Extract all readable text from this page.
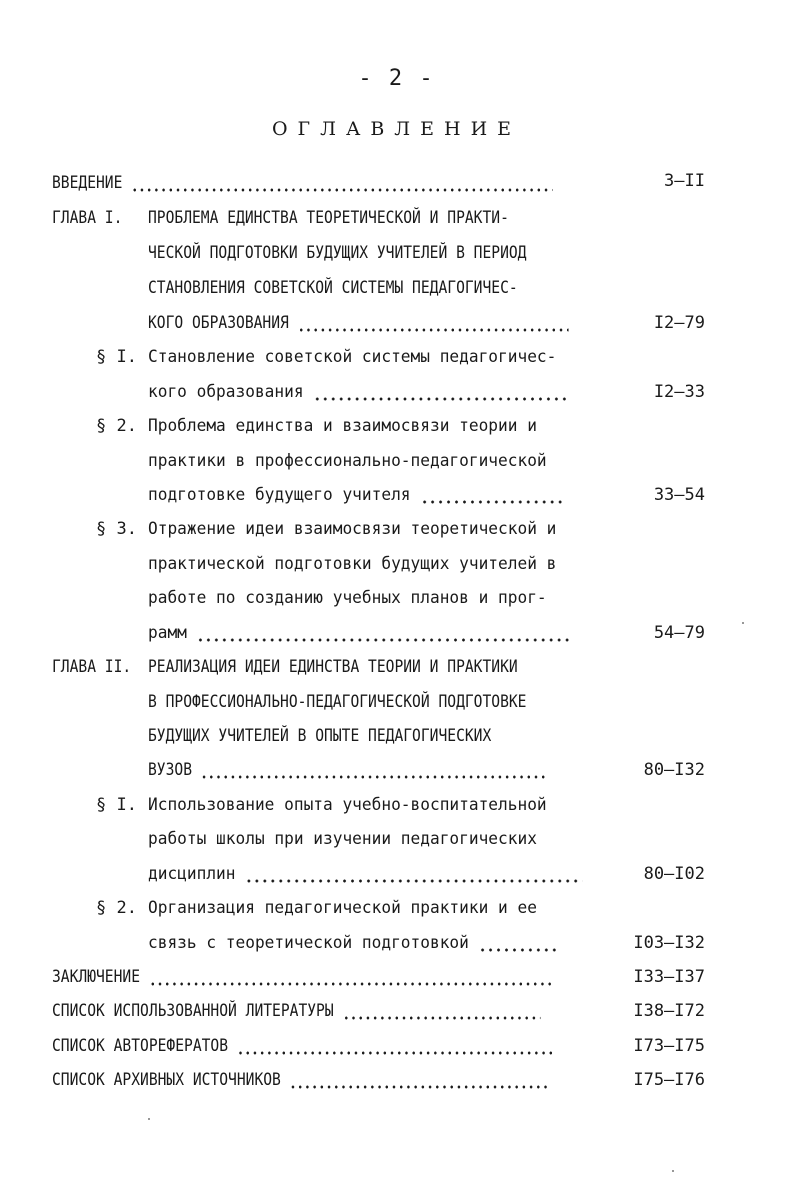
- 2 -
ОГЛАВЛЕНИЕ
ВВЕДЕНИЕ	3–II
ГЛАВА I. ПРОБЛЕМА ЕДИНСТВА ТЕОРЕТИЧЕСКОЙ И ПРАКТИ-
ЧЕСКОЙ ПОДГОТОВКИ БУДУЩИХ УЧИТЕЛЕЙ В ПЕРИОД
СТАНОВЛЕНИЯ СОВЕТСКОЙ СИСТЕМЫ ПЕДАГОГИЧЕС-
КОГО ОБРАЗОВАНИЯ	I2–79
§ I. Становление советской системы педагогичес-
кого образования	I2–33
§ 2. Проблема единства и взаимосвязи теории и
практики в профессионально-педагогической
подготовке будущего учителя	33–54
§ 3. Отражение идеи взаимосвязи теоретической и
практической подготовки будущих учителей в
работе по созданию учебных планов и прог-
рамм	54–79
ГЛАВА II. РЕАЛИЗАЦИЯ ИДЕИ ЕДИНСТВА ТЕОРИИ И ПРАКТИКИ
В ПРОФЕССИОНАЛЬНО-ПЕДАГОГИЧЕСКОЙ ПОДГОТОВКЕ
БУДУЩИХ УЧИТЕЛЕЙ В ОПЫТЕ ПЕДАГОГИЧЕСКИХ
ВУЗОВ	80–I32
§ I. Использование опыта учебно-воспитательной
работы школы при изучении педагогических
дисциплин	80–I02
§ 2. Организация педагогической практики и ее
связь с теоретической подготовкой	I03–I32
ЗАКЛЮЧЕНИЕ	I33–I37
СПИСОК ИСПОЛЬЗОВАННОЙ ЛИТЕРАТУРЫ	I38–I72
СПИСОК АВТОРЕФЕРАТОВ	I73–I75
СПИСОК АРХИВНЫХ ИСТОЧНИКОВ	I75–I76
